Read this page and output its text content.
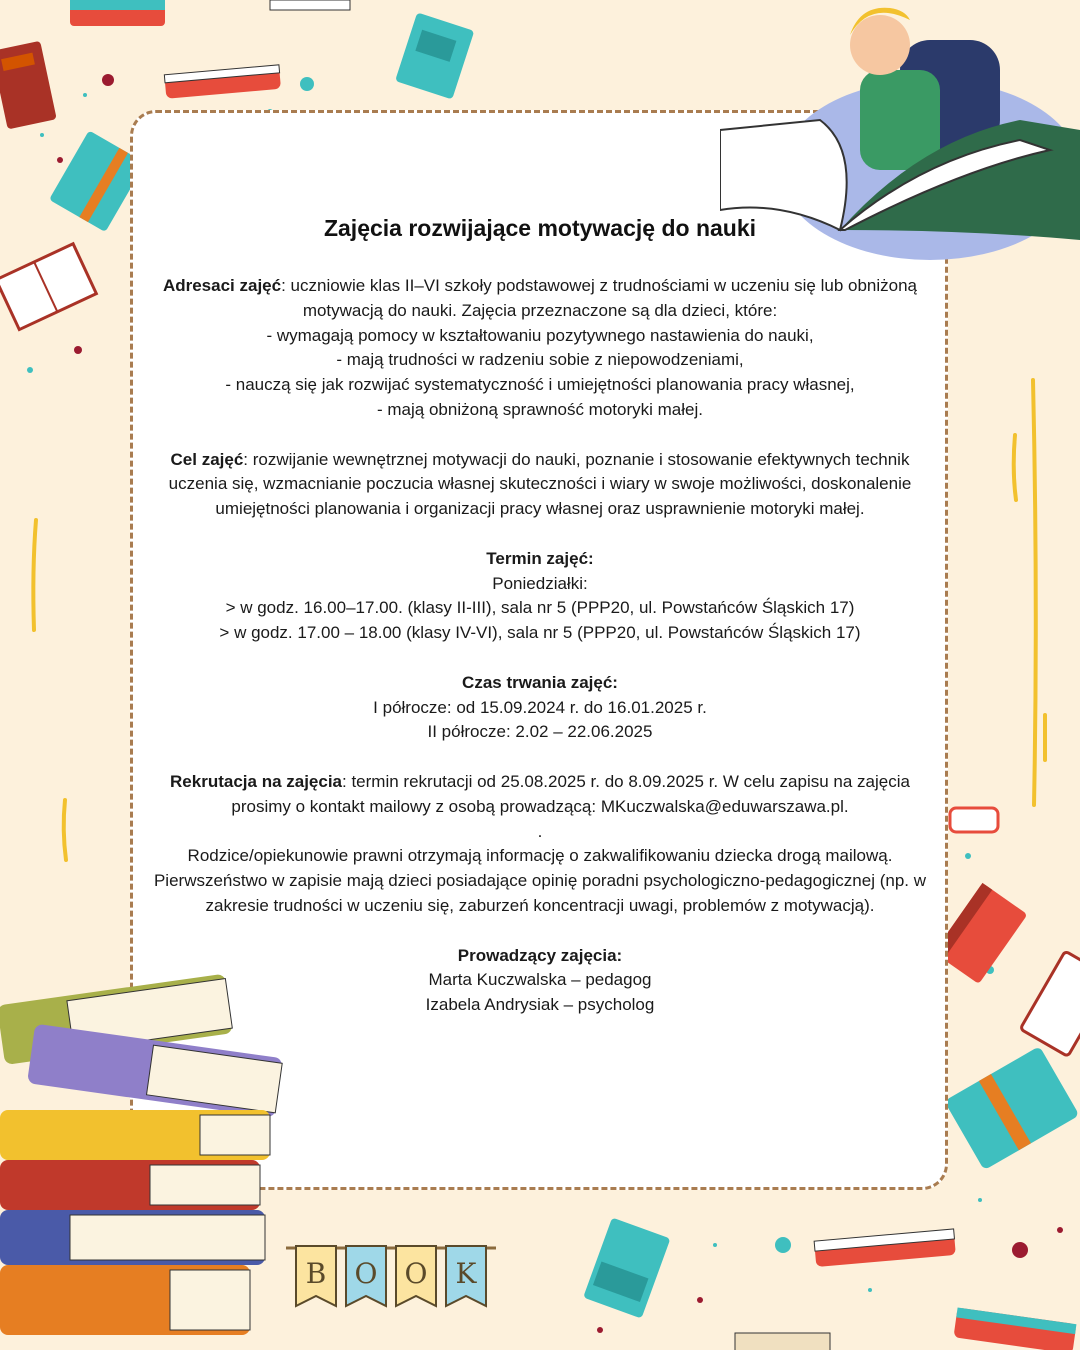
B O O K
Zajęcia rozwijające motywację do nauki

Adresaci zajęć: uczniowie klas II–VI szkoły podstawowej z trudnościami w uczeniu się lub obniżoną motywacją do nauki. Zajęcia przeznaczone są dla dzieci, które:

- wymagają pomocy w kształtowaniu pozytywnego nastawienia do nauki,

- mają trudności w radzeniu sobie z niepowodzeniami,

- nauczą się jak rozwijać systematyczność i umiejętności planowania pracy własnej,

- mają obniżoną sprawność motoryki małej.

Cel zajęć: rozwijanie wewnętrznej motywacji do nauki, poznanie i stosowanie efektywnych technik uczenia się, wzmacnianie poczucia własnej skuteczności i wiary w swoje możliwości, doskonalenie umiejętności planowania i organizacji pracy własnej oraz usprawnienie motoryki małej.

Termin zajęć:

Poniedziałki:

> w godz. 16.00–17.00. (klasy II-III), sala nr 5 (PPP20, ul. Powstańców Śląskich 17)

> w godz. 17.00 – 18.00 (klasy IV-VI), sala nr 5 (PPP20, ul. Powstańców Śląskich 17)

Czas trwania zajęć:

I półrocze: od 15.09.2024 r. do 16.01.2025 r.

II półrocze: 2.02 – 22.06.2025

Rekrutacja na zajęcia: termin rekrutacji od 25.08.2025 r. do 8.09.2025 r. W celu zapisu na zajęcia prosimy o kontakt mailowy z osobą prowadzącą: MKuczwalska@eduwarszawa.pl.

.

Rodzice/opiekunowie prawni otrzymają informację o zakwalifikowaniu dziecka drogą mailową. Pierwszeństwo w zapisie mają dzieci posiadające opinię poradni psychologiczno-pedagogicznej (np. w zakresie trudności w uczeniu się, zaburzeń koncentracji uwagi, problemów z motywacją).

Prowadzący zajęcia:

Marta Kuczwalska – pedagog

Izabela Andrysiak – psycholog
